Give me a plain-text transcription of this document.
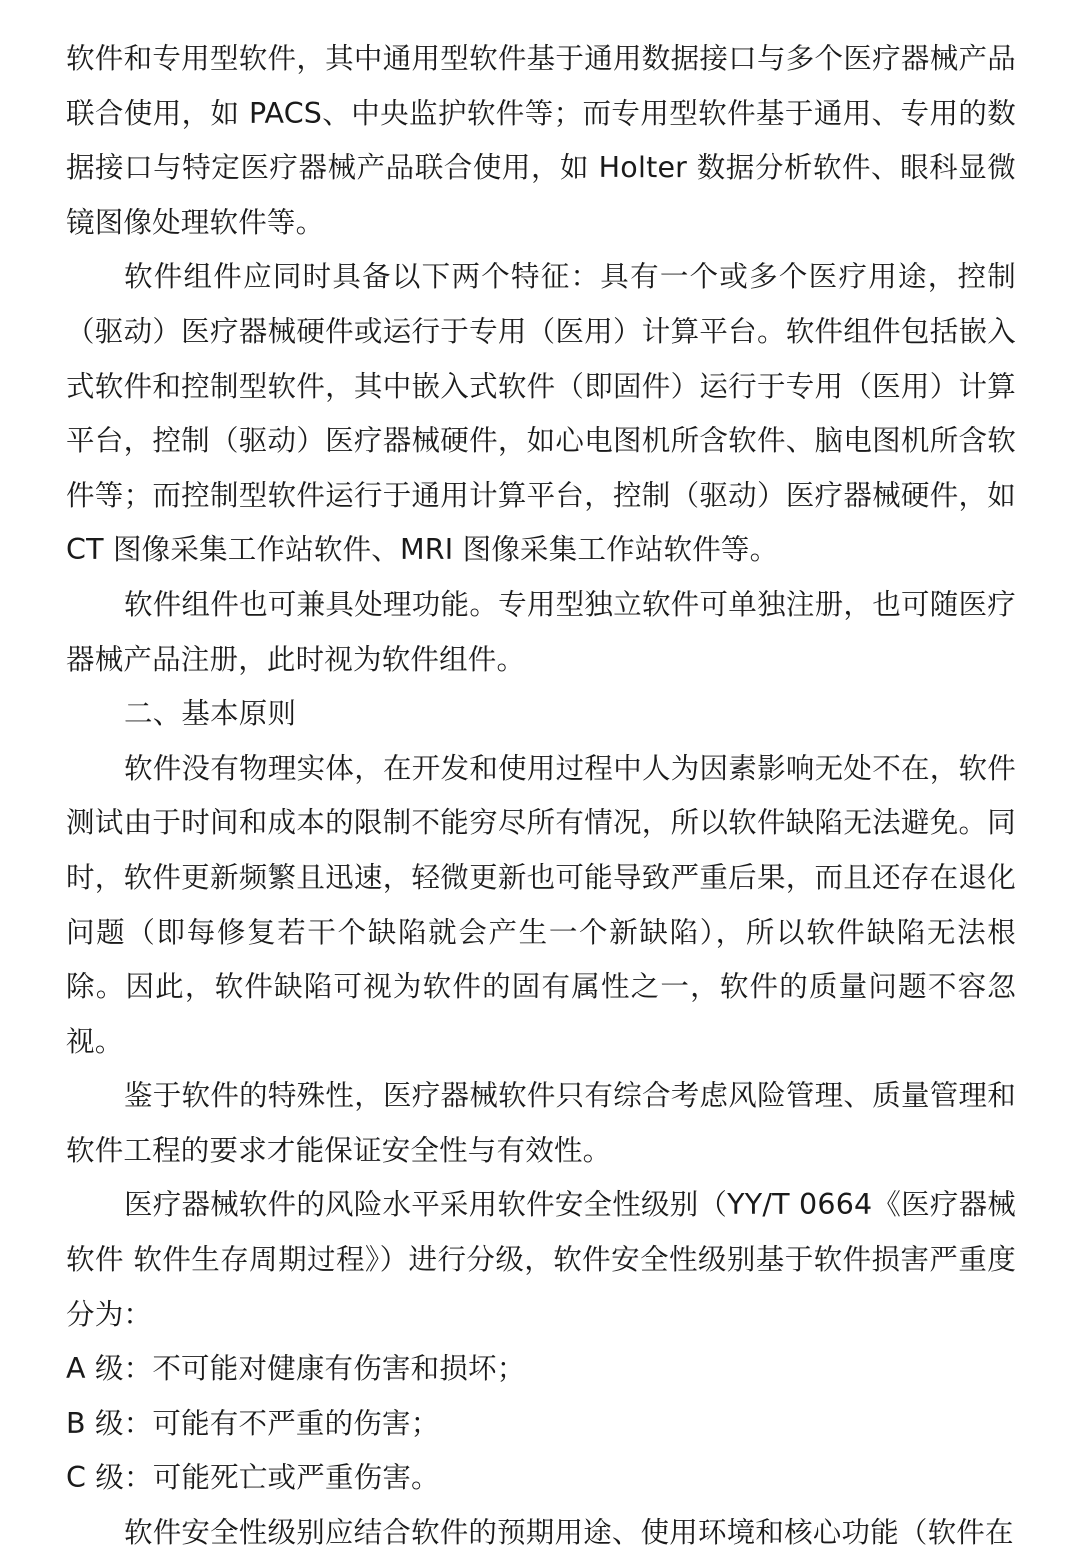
软件和专用型软件，其中通用型软件基于通用数据接口与多个医疗器械产品联合使用，如 PACS、中央监护软件等；而专用型软件基于通用、专用的数据接口与特定医疗器械产品联合使用，如 Holter 数据分析软件、眼科显微镜图像处理软件等。

软件组件应同时具备以下两个特征：具有一个或多个医疗用途，控制（驱动）医疗器械硬件或运行于专用（医用）计算平台。软件组件包括嵌入式软件和控制型软件，其中嵌入式软件（即固件）运行于专用（医用）计算平台，控制（驱动）医疗器械硬件，如心电图机所含软件、脑电图机所含软件等；而控制型软件运行于通用计算平台，控制（驱动）医疗器械硬件，如 CT 图像采集工作站软件、MRI 图像采集工作站软件等。

软件组件也可兼具处理功能。专用型独立软件可单独注册，也可随医疗器械产品注册，此时视为软件组件。

二、基本原则

软件没有物理实体，在开发和使用过程中人为因素影响无处不在，软件测试由于时间和成本的限制不能穷尽所有情况，所以软件缺陷无法避免。同时，软件更新频繁且迅速，轻微更新也可能导致严重后果，而且还存在退化问题（即每修复若干个缺陷就会产生一个新缺陷），所以软件缺陷无法根除。因此，软件缺陷可视为软件的固有属性之一，软件的质量问题不容忽视。

鉴于软件的特殊性，医疗器械软件只有综合考虑风险管理、质量管理和软件工程的要求才能保证安全性与有效性。

医疗器械软件的风险水平采用软件安全性级别（YY/T 0664《医疗器械软件 软件生存周期过程》）进行分级，软件安全性级别基于软件损害严重度分为：

A 级：不可能对健康有伤害和损坏；

B 级：可能有不严重的伤害；

C 级：可能死亡或严重伤害。

软件安全性级别应结合软件的预期用途、使用环境和核心功能（软件在
